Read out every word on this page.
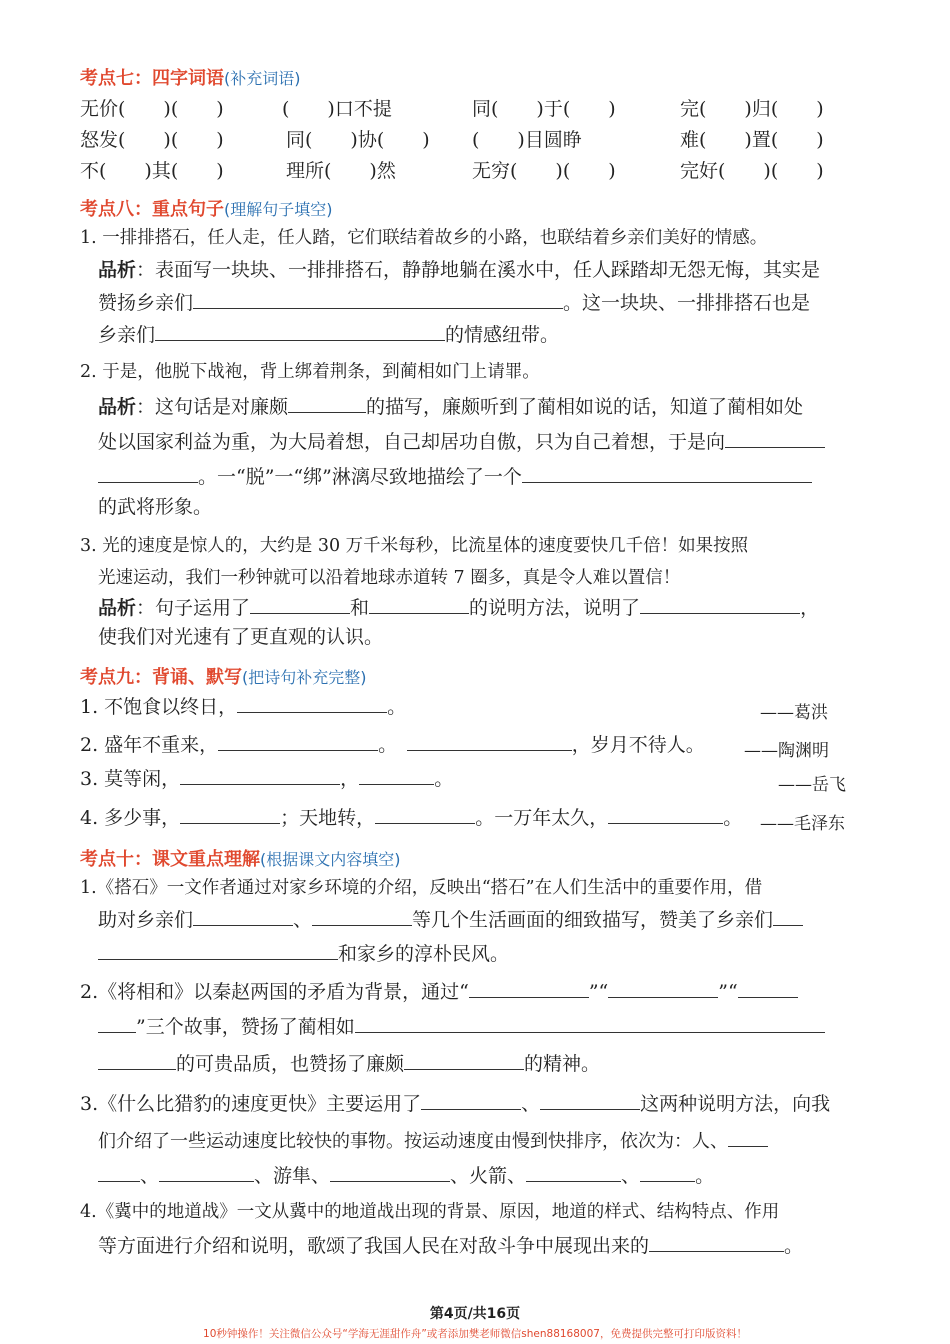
考点七：四字词语(补充词语)
无价(　　)(　　)	(　　)口不提	同(　　)于(　　)	完(　　)归(　　)
怒发(　　)(　　)	同(　　)协(　　) (　　)目圆睁	难(　　)置(　　)
不(　　)其(　　)	理所(　　)然	无穷(　　)(　　)	完好(　　)(　　)
考点八：重点句子(理解句子填空)
1. 一排排搭石，任人走，任人踏，它们联结着故乡的小路，也联结着乡亲们美好的情感。
品析：表面写一块块、一排排搭石，静静地躺在溪水中，任人踩踏却无怨无悔，其实是
赞扬乡亲们	。这一块块、一排排搭石也是
乡亲们	的情感纽带。
2. 于是，他脱下战袍，背上绑着荆条，到蔺相如门上请罪。
品析：这句话是对廉颇	的描写，廉颇听到了蔺相如说的话，知道了蔺相如处
处以国家利益为重，为大局着想，自己却居功自傲，只为自己着想，于是向
。一“脱”一“绑”淋漓尽致地描绘了一个
的武将形象。
3. 光的速度是惊人的，大约是 30 万千米每秒，比流星体的速度要快几千倍！如果按照
光速运动，我们一秒钟就可以沿着地球赤道转 7 圈多，真是令人难以置信！
品析：句子运用了	和	的说明方法，说明了	，
使我们对光速有了更直观的认识。
考点九：背诵、默写(把诗句补充完整)
1. 不饱食以终日，	。	——葛洪
2. 盛年不重来，	。　	，岁月不待人。 ——陶渊明
3. 莫等闲，	，	。	——岳飞
4. 多少事，	；天地转，	。一万年太久，	。 ——毛泽东
考点十：课文重点理解(根据课文内容填空)
1.《搭石》一文作者通过对家乡环境的介绍，反映出“搭石”在人们生活中的重要作用，借
助对乡亲们	、	等几个生活画面的细致描写，赞美了乡亲们
和家乡的淳朴民风。
2.《将相和》以秦赵两国的矛盾为背景，通过“	”“	”“
”三个故事，赞扬了蔺相如
的可贵品质，也赞扬了廉颇	的精神。
3.《什么比猎豹的速度更快》主要运用了	、	这两种说明方法，向我
们介绍了一些运动速度比较快的事物。按运动速度由慢到快排序，依次为：人、
、	、游隼、	、火箭、	、	。
4.《冀中的地道战》一文从冀中的地道战出现的背景、原因，地道的样式、结构特点、作用
等方面进行介绍和说明，歌颂了我国人民在对敌斗争中展现出来的	。
第4页/共16页
10秒钟操作！关注微信公众号“学海无涯甜作舟”或者添加樊老师微信shen88168007，免费提供完整可打印版资料！
